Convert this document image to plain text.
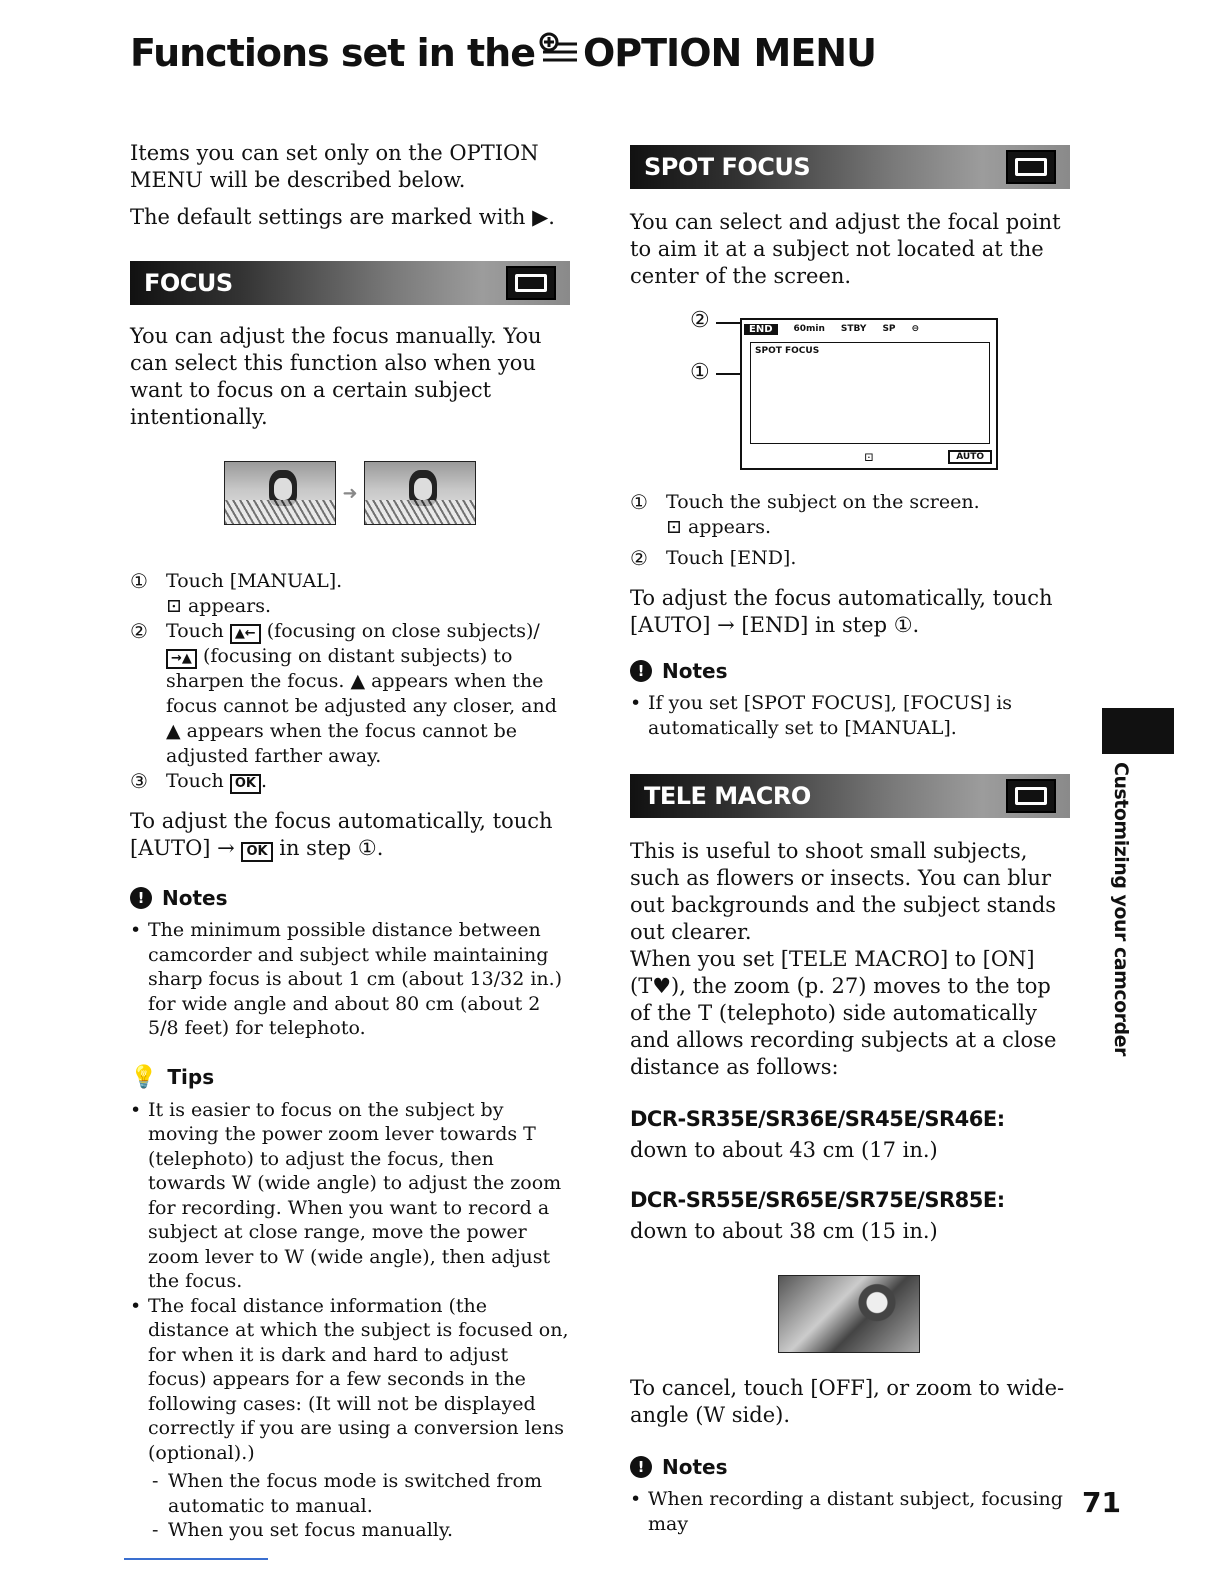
Functions set in the OPTION MENU

Items you can set only on the OPTION MENU will be described below.

The default settings are marked with ▶.

FOCUS

You can adjust the focus manually. You can select this function also when you want to focus on a certain subject intentionally.

➜
① Touch [MANUAL].
⊡ appears.
② Touch ▲← (focusing on close subjects)/→▲ (focusing on distant subjects) to sharpen the focus. ▲ appears when the focus cannot be adjusted any closer, and ▲ appears when the focus cannot be adjusted farther away.
③ Touch OK .

To adjust the focus automatically, touch [AUTO] → OK in step ①.

! Notes
• The minimum possible distance between camcorder and subject while maintaining sharp focus is about 1 cm (about 13/32 in.) for wide angle and about 80 cm (about 2 5/8 feet) for telephoto.
💡 Tips
• It is easier to focus on the subject by moving the power zoom lever towards T (telephoto) to adjust the focus, then towards W (wide angle) to adjust the zoom for recording. When you want to record a subject at close range, move the power zoom lever to W (wide angle), then adjust the focus.
• The focal distance information (the distance at which the subject is focused on, for when it is dark and hard to adjust focus) appears for a few seconds in the following cases: (It will not be displayed correctly if you are using a conversion lens (optional).)
- When the focus mode is switched from automatic to manual.
- When you set focus manually.
SPOT FOCUS

You can select and adjust the focal point to aim it at a subject not located at the center of the screen.

②
①
END	60min STBY SP ⊖
SPOT FOCUS
⊡	AUTO
① Touch the subject on the screen.
⊡ appears.
② Touch [END].

To adjust the focus automatically, touch [AUTO] → [END] in step ①.

! Notes
• If you set [SPOT FOCUS], [FOCUS] is automatically set to [MANUAL].
TELE MACRO

This is useful to shoot small subjects, such as flowers or insects. You can blur out backgrounds and the subject stands out clearer.

When you set [TELE MACRO] to [ON] (T♥), the zoom (p. 27) moves to the top of the T (telephoto) side automatically and allows recording subjects at a close distance as follows:

DCR-SR35E/SR36E/SR45E/SR46E:

down to about 43 cm (17 in.)

DCR-SR55E/SR65E/SR75E/SR85E:

down to about 38 cm (15 in.)

To cancel, touch [OFF], or zoom to wide-angle (W side).

! Notes
• When recording a distant subject, focusing may
Customizing your camcorder
71
